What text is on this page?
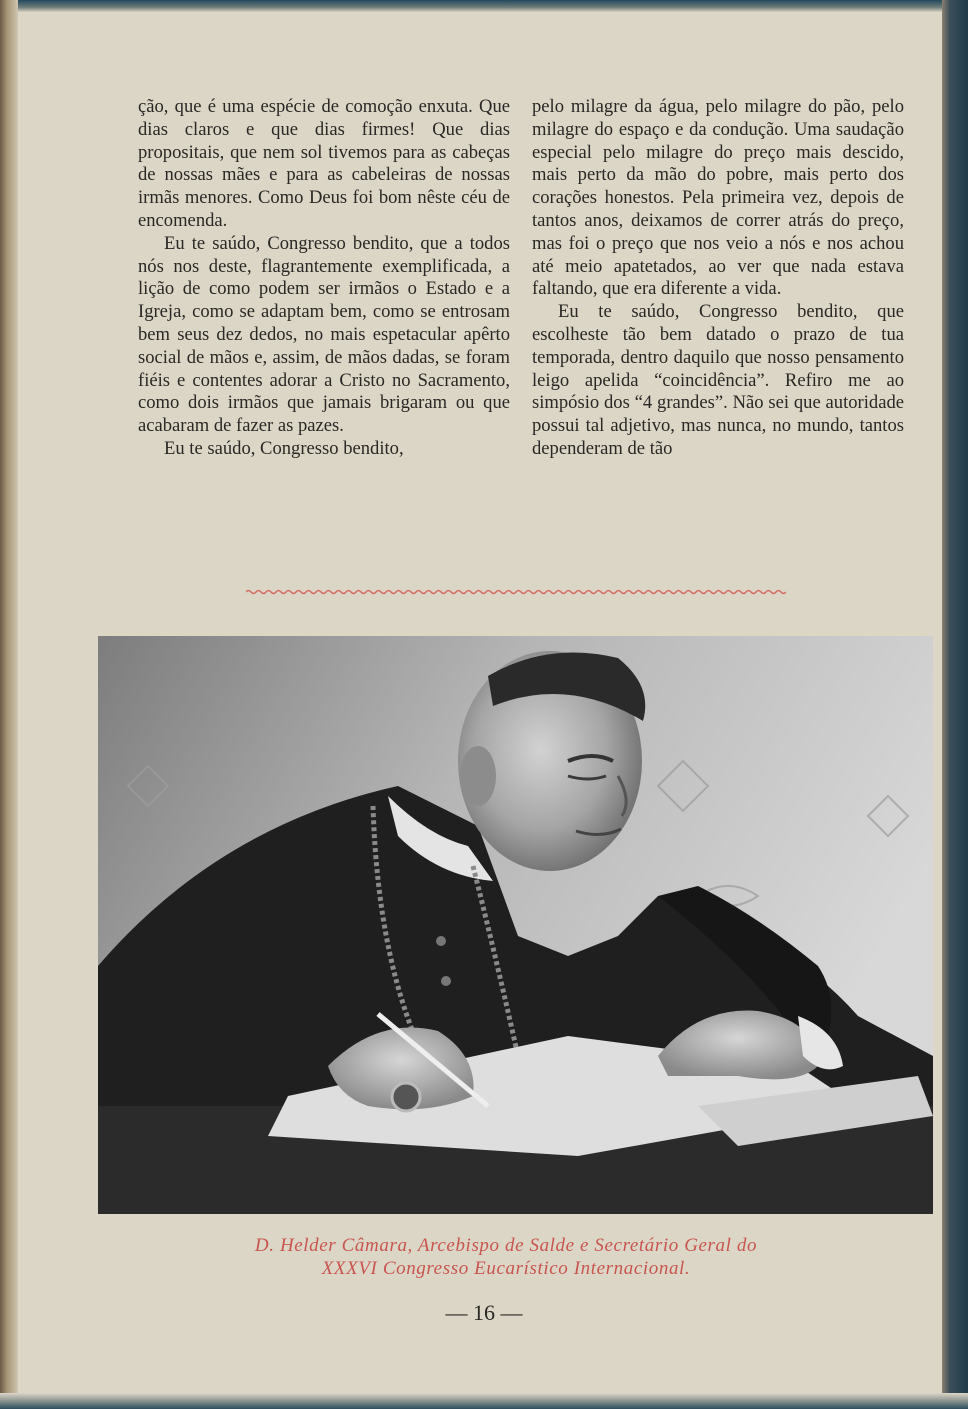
ção, que é uma espécie de comoção enxuta. Que dias claros e que dias firmes! Que dias propositais, que nem sol tivemos para as cabeças de nossas mães e para as cabeleiras de nossas irmãs menores. Como Deus foi bom nêste céu de encomenda.

Eu te saúdo, Congresso bendito, que a todos nós nos deste, flagrantemente exemplificada, a lição de como podem ser irmãos o Estado e a Igreja, como se adaptam bem, como se entrosam bem seus dez dedos, no mais espetacular apêrto social de mãos e, assim, de mãos dadas, se foram fiéis e contentes adorar a Cristo no Sacramento, como dois irmãos que jamais brigaram ou que acabaram de fazer as pazes.

Eu te saúdo, Congresso bendito,

pelo milagre da água, pelo milagre do pão, pelo milagre do espaço e da condução. Uma saudação especial pelo milagre do preço mais descido, mais perto da mão do pobre, mais perto dos corações honestos. Pela primeira vez, depois de tantos anos, deixamos de correr atrás do preço, mas foi o preço que nos veio a nós e nos achou até meio apatetados, ao ver que nada estava faltando, que era diferente a vida.

Eu te saúdo, Congresso bendito, que escolheste tão bem datado o prazo de tua temporada, dentro daquilo que nosso pensamento leigo apelida “coincidência”. Refiro me ao simpósio dos “4 grandes”. Não sei que autoridade possui tal adjetivo, mas nunca, no mundo, tantos dependeram de tão

D. Helder Câmara, Arcebispo de Salde e Secretário Geral do
XXXVI Congresso Eucarístico Internacional.
— 16 —
